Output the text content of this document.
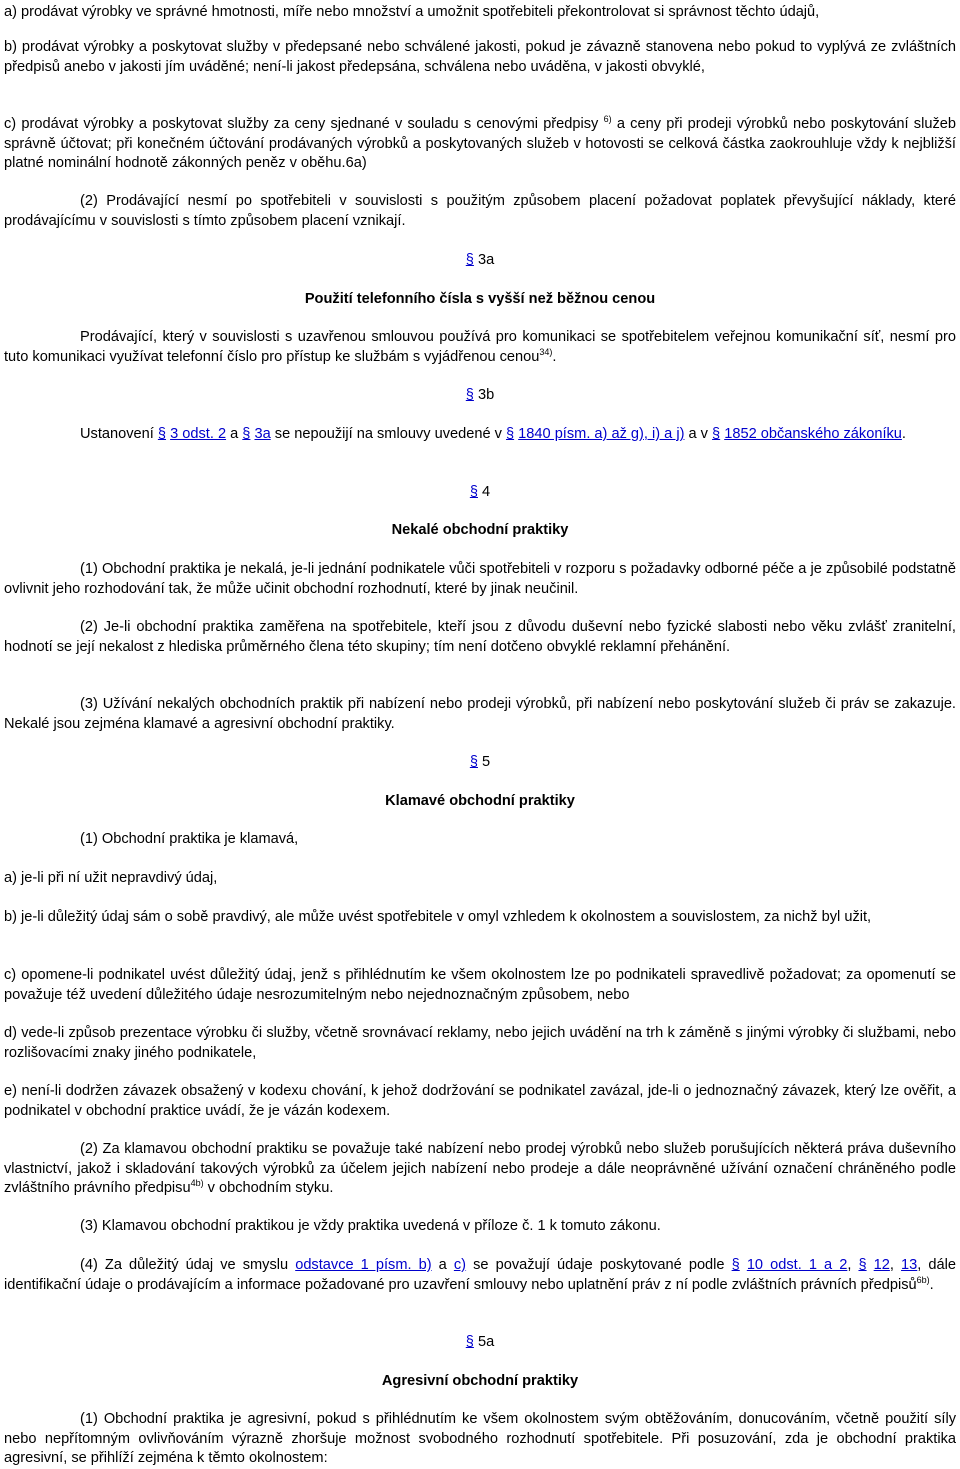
a) prodávat výrobky ve správné hmotnosti, míře nebo množství a umožnit spotřebiteli překontrolovat si správnost těchto údajů,

b) prodávat výrobky a poskytovat služby v předepsané nebo schválené jakosti, pokud je závazně stanovena nebo pokud to vyplývá ze zvláštních předpisů anebo v jakosti jím uváděné; není-li jakost předepsána, schválena nebo uváděna, v jakosti obvyklé,

c) prodávat výrobky a poskytovat služby za ceny sjednané v souladu s cenovými předpisy $^{6)}$ a ceny při prodeji výrobků nebo poskytování služeb správně účtovat; při konečném účtování prodávaných výrobků a poskytovaných služeb v hotovosti se celková částka zaokrouhluje vždy k nejbližší platné nominální hodnotě zákonných peněz v oběhu.6a)

(2) Prodávající nesmí po spotřebiteli v souvislosti s použitým způsobem placení požadovat poplatek převyšující náklady, které prodávajícímu v souvislosti s tímto způsobem placení vznikají.

§ 3a

Použití telefonního čísla s vyšší než běžnou cenou

Prodávající, který v souvislosti s uzavřenou smlouvou používá pro komunikaci se spotřebitelem veřejnou komunikační síť, nesmí pro tuto komunikaci využívat telefonní číslo pro přístup ke službám s vyjádřenou cenou$^{34)}$.

§ 3b

Ustanovení § 3 odst. 2 a § 3a se nepoužijí na smlouvy uvedené v § 1840 písm. a) až g), i) a j) a v § 1852 občanského zákoníku.

§ 4

Nekalé obchodní praktiky

(1) Obchodní praktika je nekalá, je-li jednání podnikatele vůči spotřebiteli v rozporu s požadavky odborné péče a je způsobilé podstatně ovlivnit jeho rozhodování tak, že může učinit obchodní rozhodnutí, které by jinak neučinil.

(2) Je-li obchodní praktika zaměřena na spotřebitele, kteří jsou z důvodu duševní nebo fyzické slabosti nebo věku zvlášť zranitelní, hodnotí se její nekalost z hlediska průměrného člena této skupiny; tím není dotčeno obvyklé reklamní přehánění.

(3) Užívání nekalých obchodních praktik při nabízení nebo prodeji výrobků, při nabízení nebo poskytování služeb či práv se zakazuje. Nekalé jsou zejména klamavé a agresivní obchodní praktiky.

§ 5

Klamavé obchodní praktiky

(1) Obchodní praktika je klamavá,

a) je-li při ní užit nepravdivý údaj,

b) je-li důležitý údaj sám o sobě pravdivý, ale může uvést spotřebitele v omyl vzhledem k okolnostem a souvislostem, za nichž byl užit,

c) opomene-li podnikatel uvést důležitý údaj, jenž s přihlédnutím ke všem okolnostem lze po podnikateli spravedlivě požadovat; za opomenutí se považuje též uvedení důležitého údaje nesrozumitelným nebo nejednoznačným způsobem, nebo

d) vede-li způsob prezentace výrobku či služby, včetně srovnávací reklamy, nebo jejich uvádění na trh k záměně s jinými výrobky či službami, nebo rozlišovacími znaky jiného podnikatele,

e) není-li dodržen závazek obsažený v kodexu chování, k jehož dodržování se podnikatel zavázal, jde-li o jednoznačný závazek, který lze ověřit, a podnikatel v obchodní praktice uvádí, že je vázán kodexem.

(2) Za klamavou obchodní praktiku se považuje také nabízení nebo prodej výrobků nebo služeb porušujících některá práva duševního vlastnictví, jakož i skladování takových výrobků za účelem jejich nabízení nebo prodeje a dále neoprávněné užívání označení chráněného podle zvláštního právního předpisu$^{4b)}$ v obchodním styku.

(3) Klamavou obchodní praktikou je vždy praktika uvedená v příloze č. 1 k tomuto zákonu.

(4) Za důležitý údaj ve smyslu odstavce 1 písm. b) a c) se považují údaje poskytované podle § 10 odst. 1 a 2, § 12, 13, dále identifikační údaje o prodávajícím a informace požadované pro uzavření smlouvy nebo uplatnění práv z ní podle zvláštních právních předpisů$^{6b)}$.

§ 5a

Agresivní obchodní praktiky

(1) Obchodní praktika je agresivní, pokud s přihlédnutím ke všem okolnostem svým obtěžováním, donucováním, včetně použití síly nebo nepřítomným ovlivňováním výrazně zhoršuje možnost svobodného rozhodnutí spotřebitele. Při posuzování, zda je obchodní praktika agresivní, se přihlíží zejména k těmto okolnostem:
